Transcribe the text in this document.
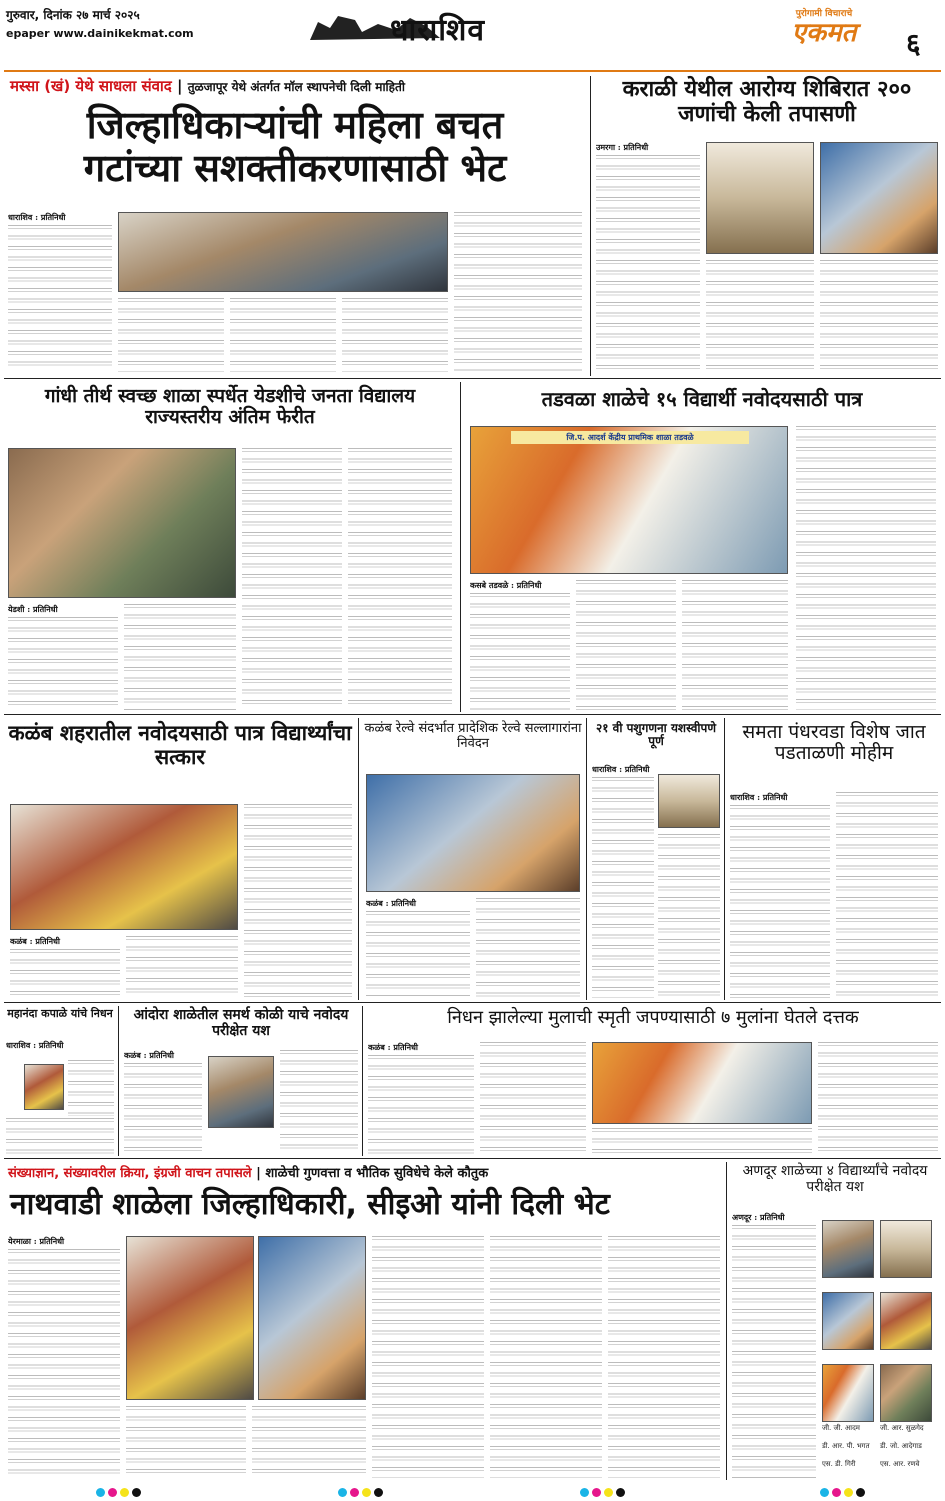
गुरुवार, दिनांक २७ मार्च २०२५
epaper www.dainikekmat.com	धाराशिव	पुरोगामी विचाराचे
एकमत	६
मस्सा (खं) येथे साधला संवाद | तुळजापूर येथे अंतर्गत मॉल स्थापनेची दिली माहिती
जिल्हाधिकाऱ्यांची महिला बचत
गटांच्या सशक्तीकरणासाठी भेट
धाराशिव : प्रतिनिधी
कराळी येथील आरोग्य शिबिरात २०० जणांची केली तपासणी
उमरगा : प्रतिनिधी
गांधी तीर्थ स्वच्छ शाळा स्पर्धेत येडशीचे जनता विद्यालय राज्यस्तरीय अंतिम फेरीत
येडशी : प्रतिनिधी
तडवळा शाळेचे १५ विद्यार्थी नवोदयसाठी पात्र
जि.प. आदर्श केंद्रीय प्राथमिक शाळा तडवळे
कसबे तडवळे : प्रतिनिधी
कळंब शहरातील नवोदयसाठी पात्र विद्यार्थ्यांचा सत्कार
कळंब : प्रतिनिधी
कळंब रेल्वे संदर्भात प्रादेशिक रेल्वे सल्लागारांना निवेदन
कळंब : प्रतिनिधी
२१ वी पशुगणना यशस्वीपणे पूर्ण
धाराशिव : प्रतिनिधी
समता पंधरवडा विशेष जात पडताळणी मोहीम
धाराशिव : प्रतिनिधी
महानंदा कपाळे यांचे निधन
धाराशिव : प्रतिनिधी
आंदोरा शाळेतील समर्थ कोळी याचे नवोदय परीक्षेत यश
कळंब : प्रतिनिधी
निधन झालेल्या मुलाची स्मृती जपण्यासाठी ७ मुलांना घेतले दत्तक
कळंब : प्रतिनिधी
संख्याज्ञान, संख्यावरील क्रिया, इंग्रजी वाचन तपासले | शाळेची गुणवत्ता व भौतिक सुविधेचे केले कौतुक
नाथवाडी शाळेला जिल्हाधिकारी, सीइओ यांनी दिली भेट
येरमाळा : प्रतिनिधी
अणदूर शाळेच्या ४ विद्यार्थ्यांचे नवोदय परीक्षेत यश
अणदूर : प्रतिनिधी
जी. जी. आदम	जी. आर. सुळगेद
डी. आर. पी. भगत	डी. जो. आदेगाड
एस. डी. गिरी	एस. आर. रणवे
